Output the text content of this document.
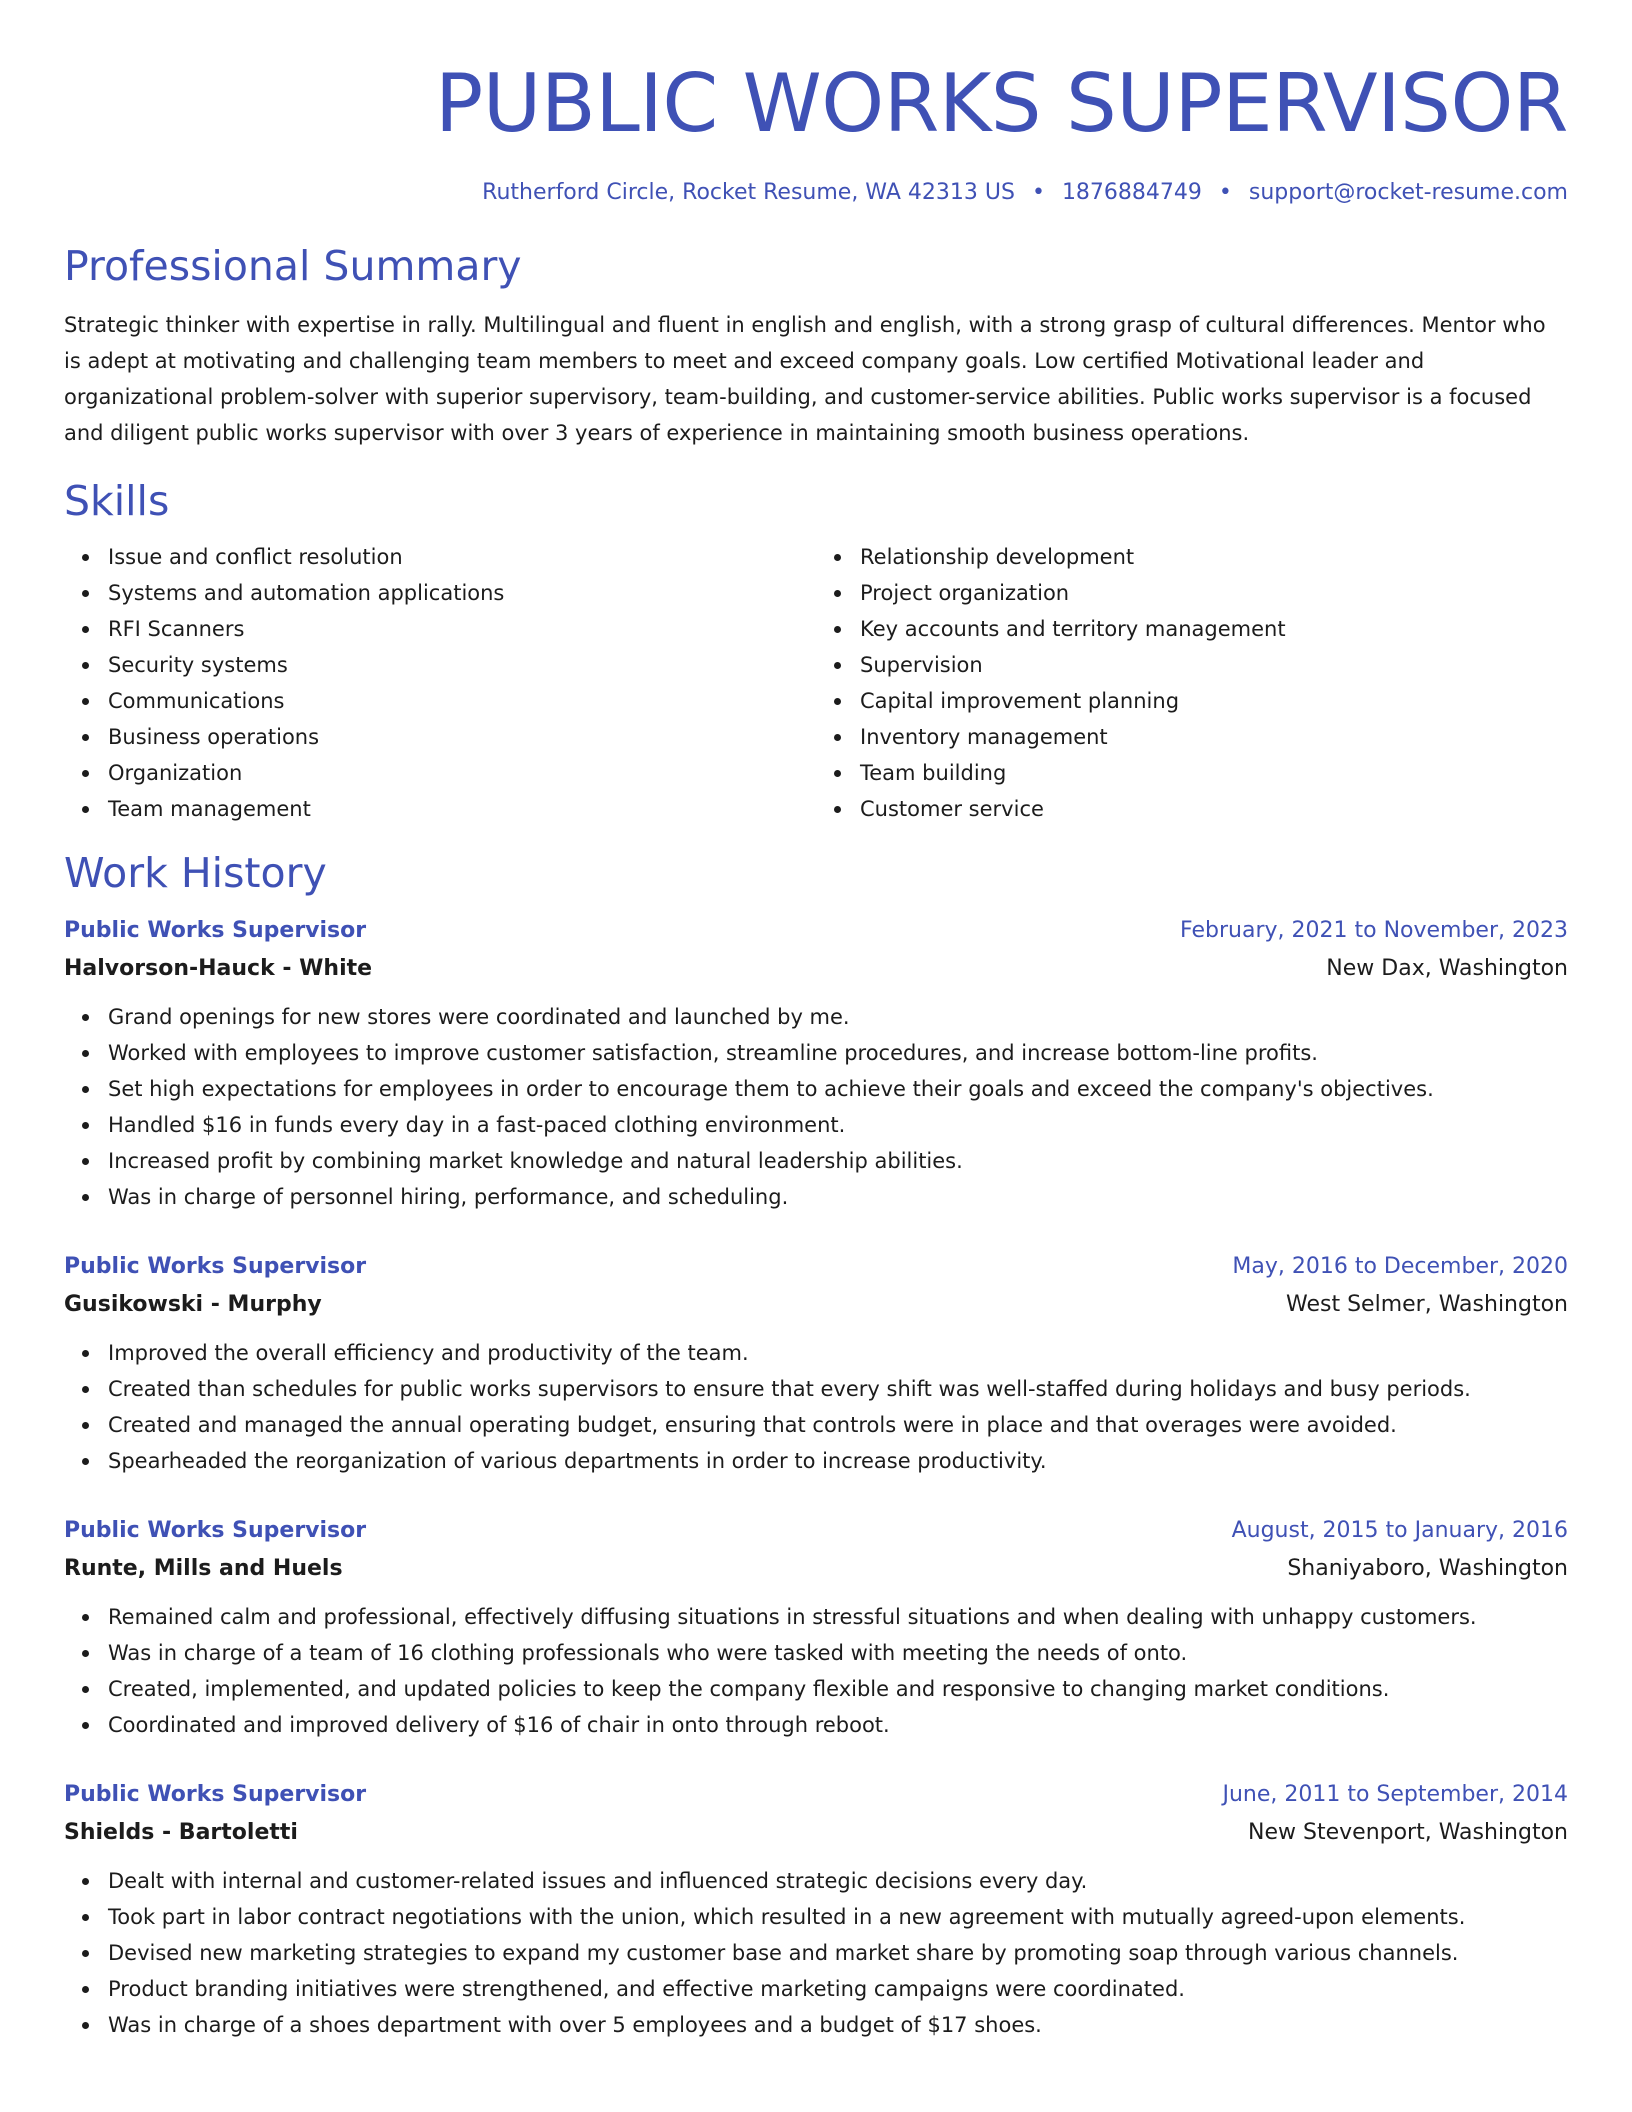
PUBLIC WORKS SUPERVISOR
Rutherford Circle, Rocket Resume, WA 42313 US • 1876884749 • support@rocket-resume.com
Professional Summary

Strategic thinker with expertise in rally. Multilingual and fluent in english and english, with a strong grasp of cultural differences. Mentor who is adept at motivating and challenging team members to meet and exceed company goals. Low certified Motivational leader and organizational problem-solver with superior supervisory, team-building, and customer-service abilities. Public works supervisor is a focused and diligent public works supervisor with over 3 years of experience in maintaining smooth business operations.

Skills
Issue and conflict resolution
Systems and automation applications
RFI Scanners
Security systems
Communications
Business operations
Organization
Team management
Relationship development
Project organization
Key accounts and territory management
Supervision
Capital improvement planning
Inventory management
Team building
Customer service
Work History
Public Works Supervisor	February, 2021 to November, 2023
Halvorson-Hauck - White	New Dax, Washington
Grand openings for new stores were coordinated and launched by me.
Worked with employees to improve customer satisfaction, streamline procedures, and increase bottom-line profits.
Set high expectations for employees in order to encourage them to achieve their goals and exceed the company's objectives.
Handled $16 in funds every day in a fast-paced clothing environment.
Increased profit by combining market knowledge and natural leadership abilities.
Was in charge of personnel hiring, performance, and scheduling.
Public Works Supervisor	May, 2016 to December, 2020
Gusikowski - Murphy	West Selmer, Washington
Improved the overall efficiency and productivity of the team.
Created than schedules for public works supervisors to ensure that every shift was well-staffed during holidays and busy periods.
Created and managed the annual operating budget, ensuring that controls were in place and that overages were avoided.
Spearheaded the reorganization of various departments in order to increase productivity.
Public Works Supervisor	August, 2015 to January, 2016
Runte, Mills and Huels	Shaniyaboro, Washington
Remained calm and professional, effectively diffusing situations in stressful situations and when dealing with unhappy customers.
Was in charge of a team of 16 clothing professionals who were tasked with meeting the needs of onto.
Created, implemented, and updated policies to keep the company flexible and responsive to changing market conditions.
Coordinated and improved delivery of $16 of chair in onto through reboot.
Public Works Supervisor	June, 2011 to September, 2014
Shields - Bartoletti	New Stevenport, Washington
Dealt with internal and customer-related issues and influenced strategic decisions every day.
Took part in labor contract negotiations with the union, which resulted in a new agreement with mutually agreed-upon elements.
Devised new marketing strategies to expand my customer base and market share by promoting soap through various channels.
Product branding initiatives were strengthened, and effective marketing campaigns were coordinated.
Was in charge of a shoes department with over 5 employees and a budget of $17 shoes.
